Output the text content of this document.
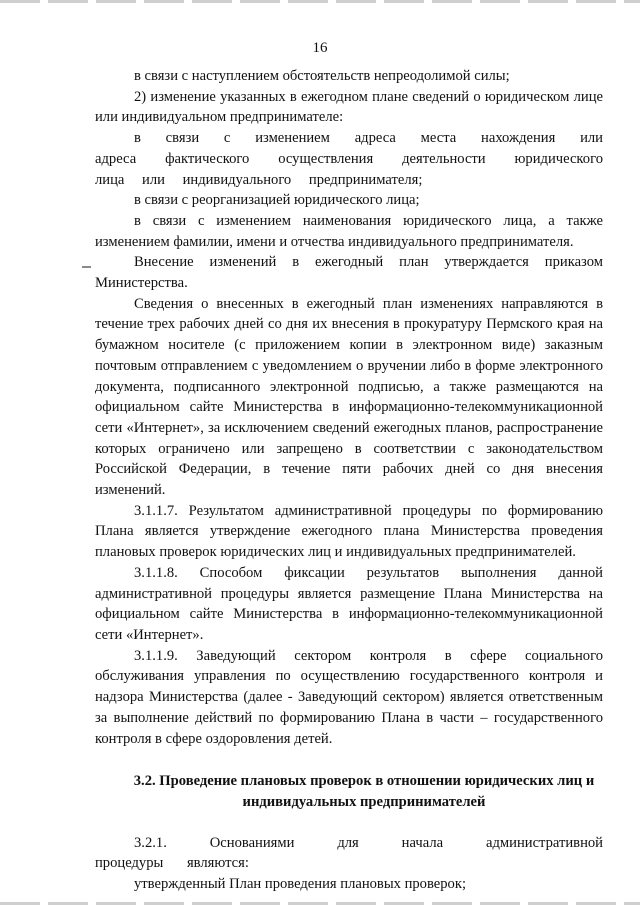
16

в связи с наступлением обстоятельств непреодолимой силы;

2) изменение указанных в ежегодном плане сведений о юридическом лице или индивидуальном предпринимателе:

в связи с изменением адреса места нахождения или адреса фактического осуществления деятельности юридического лица или индивидуального предпринимателя;

в связи с реорганизацией юридического лица;

в связи с изменением наименования юридического лица, а также изменением фамилии, имени и отчества индивидуального предпринимателя.

Внесение изменений в ежегодный план утверждается приказом Министерства.

Сведения о внесенных в ежегодный план изменениях направляются в течение трех рабочих дней со дня их внесения в прокуратуру Пермского края на бумажном носителе (с приложением копии в электронном виде) заказным почтовым отправлением с уведомлением о вручении либо в форме электронного документа, подписанного электронной подписью, а также размещаются на официальном сайте Министерства в информационно-телекоммуникационной сети «Интернет», за исключением сведений ежегодных планов, распространение которых ограничено или запрещено в соответствии с законодательством Российской Федерации, в течение пяти рабочих дней со дня внесения изменений.

3.1.1.7. Результатом административной процедуры по формированию Плана является утверждение ежегодного плана Министерства проведения плановых проверок юридических лиц и индивидуальных предпринимателей.

3.1.1.8. Способом фиксации результатов выполнения данной административной процедуры является размещение Плана Министерства на официальном сайте Министерства в информационно-телекоммуникационной сети «Интернет».

3.1.1.9. Заведующий сектором контроля в сфере социального обслуживания управления по осуществлению государственного контроля и надзора Министерства (далее - Заведующий сектором) является ответственным за выполнение действий по формированию Плана в части – государственного контроля в сфере оздоровления детей.

3.2. Проведение плановых проверок в отношении юридических лиц и индивидуальных предпринимателей

3.2.1. Основаниями для начала административной процедуры являются:

утвержденный План проведения плановых проверок;
